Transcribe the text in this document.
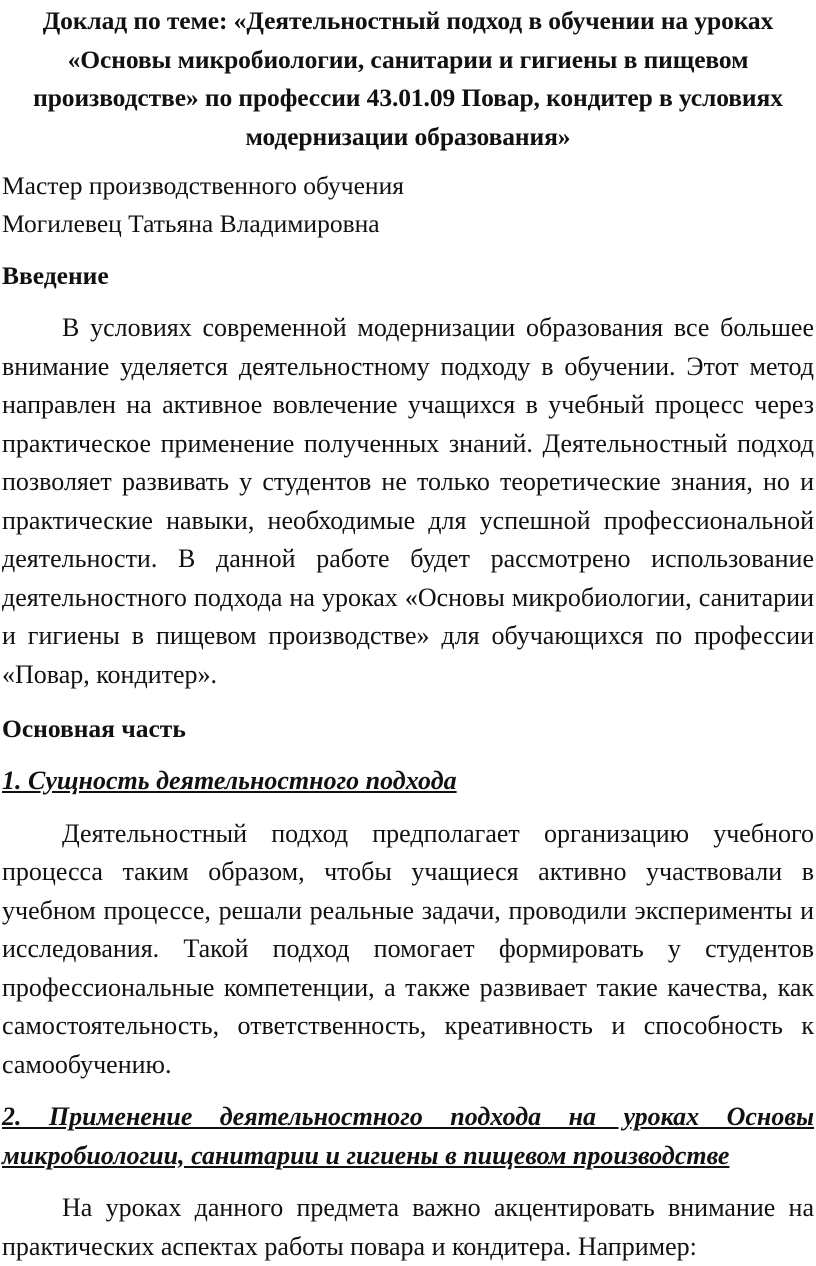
Доклад по теме: «Деятельностный подход в обучении на уроках «Основы микробиологии, санитарии и гигиены в пищевом производстве» по профессии 43.01.09 Повар, кондитер в условиях модернизации образования»
Мастер производственного обучения
Могилевец Татьяна Владимировна
Введение

В условиях современной модернизации образования все большее внимание уделяется деятельностному подходу в обучении. Этот метод направлен на активное вовлечение учащихся в учебный процесс через практическое применение полученных знаний. Деятельностный подход позволяет развивать у студентов не только теоретические знания, но и практические навыки, необходимые для успешной профессиональной деятельности. В данной работе будет рассмотрено использование деятельностного подхода на уроках «Основы микробиологии, санитарии и гигиены в пищевом производстве» для обучающихся по профессии «Повар, кондитер».

Основная часть
1. Сущность деятельностного подхода

Деятельностный подход предполагает организацию учебного процесса таким образом, чтобы учащиеся активно участвовали в учебном процессе, решали реальные задачи, проводили эксперименты и исследования. Такой подход помогает формировать у студентов профессиональные компетенции, а также развивает такие качества, как самостоятельность, ответственность, креативность и способность к самообучению.

2. Применение деятельностного подхода на уроках Основы микробиологии, санитарии и гигиены в пищевом производстве

На уроках данного предмета важно акцентировать внимание на практических аспектах работы повара и кондитера. Например:
